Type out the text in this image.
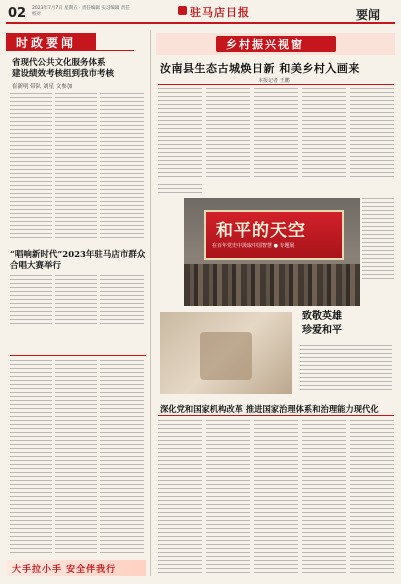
02 2023年7月7日 星期五 · 责任编辑 实习编辑 责任校对	驻马店日报	要闻
时政要闻
省现代公共文化服务体系
建设绩效考核组到我市考核
崔新明 带队 刘星 文参加
“唱响新时代”2023年驻马店市群众合唱大赛举行
大手拉小手 安全伴我行
乡村振兴视窗
汝南县生态古城焕日新 和美乡村入画来
本报记者 王鹏
和平的天空
在百年党史中汲取中国智慧 ● 专题展
致敬英雄
珍爱和平
深化党和国家机构改革 推进国家治理体系和治理能力现代化
